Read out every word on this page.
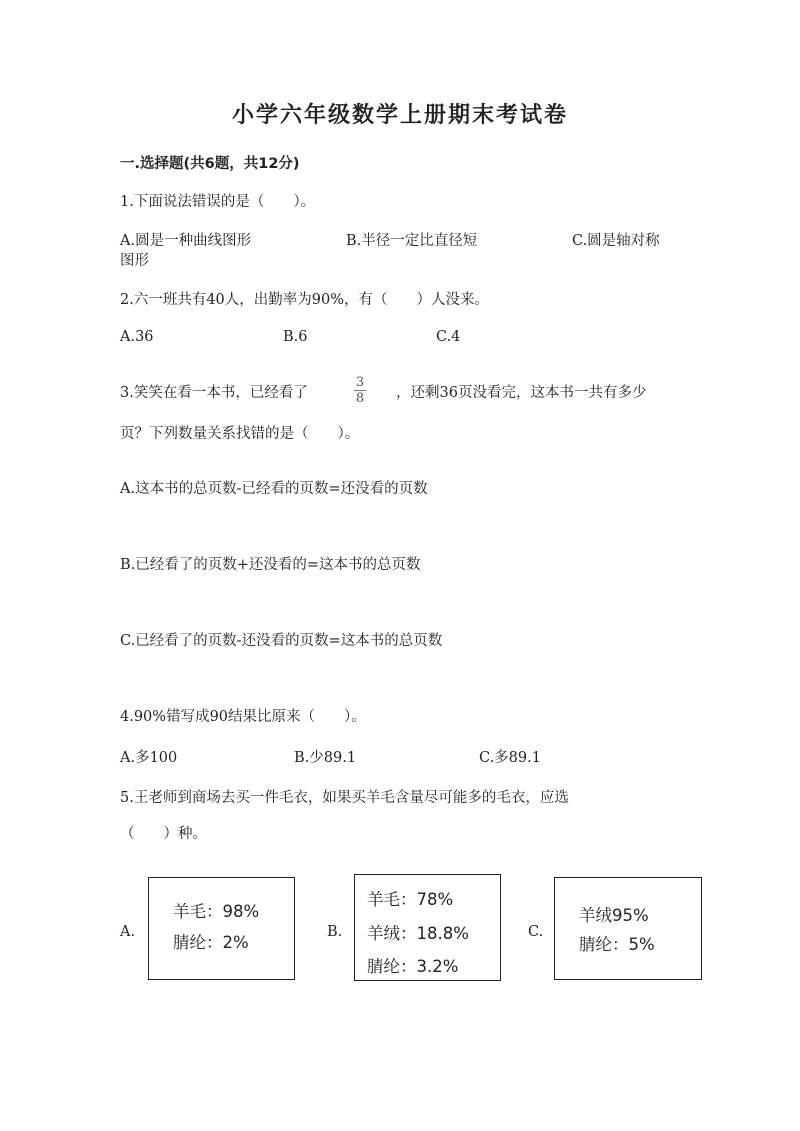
小学六年级数学上册期末考试卷
一.选择题(共6题，共12分)
1.下面说法错误的是（　　）。
A.圆是一种曲线图形	B.半径一定比直径短	C.圆是轴对称
图形
2.六一班共有40人，出勤率为90%，有（　　）人没来。
A.36	B.6	C.4
3.笑笑在看一本书，已经看了
3
8 ，还剩36页没看完，这本书一共有多少
页？下列数量关系找错的是（　　）。
A.这本书的总页数-已经看的页数=还没看的页数
B.已经看了的页数+还没看的=这本书的总页数
C.已经看了的页数-还没看的页数=这本书的总页数
4.90%错写成90结果比原来（　　）。
A.多100	B.少89.1	C.多89.1
5.王老师到商场去买一件毛衣，如果买羊毛含量尽可能多的毛衣，应选
（　　）种。
A.
羊毛：98%
腈纶：2%
B.
羊毛：78%
羊绒：18.8%
腈纶：3.2%
C.
羊绒95%
腈纶：5%
